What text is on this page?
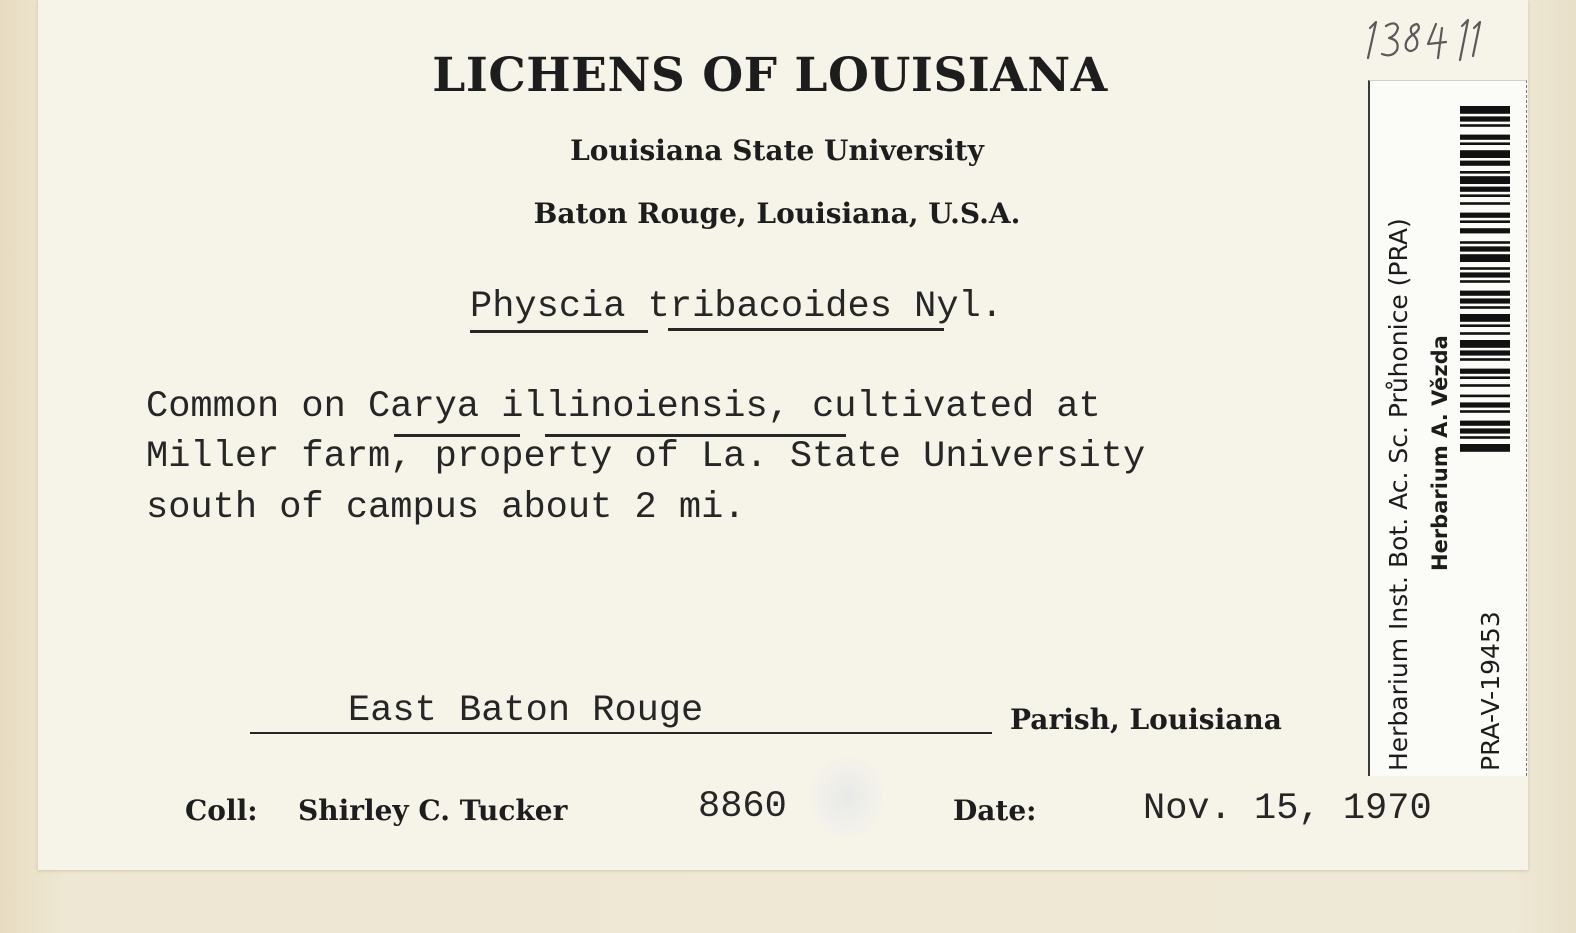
LICHENS OF LOUISIANA
Louisiana State University
Baton Rouge, Louisiana, U.S.A.
Physcia tribacoides Nyl.
Common on Carya illinoiensis, cultivated at
Miller farm, property of La. State University
south of campus about 2 mi.
East Baton Rouge	Parish, Louisiana
Coll: Shirley C. Tucker	8860	Date:	Nov. 15, 1970
Herbarium Inst. Bot. Ac. Sc. Průhonice (PRA) Herbarium A. Vězda
PRA-V-19453
